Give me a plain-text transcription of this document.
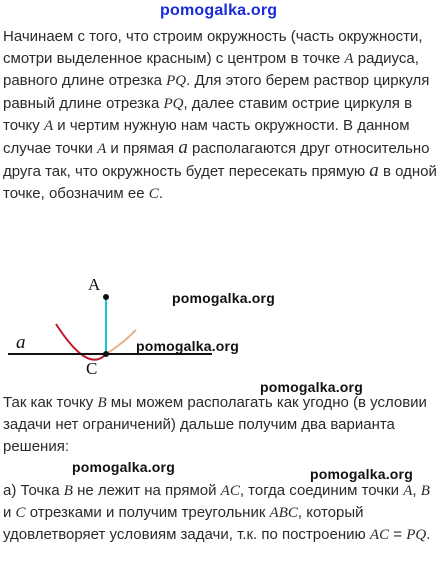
pomogalka.org
Начинаем с того, что строим окружность (часть окружности, смотри выделенное красным) с центром в точке A радиуса, равного длине отрезка PQ. Для этого берем раствор циркуля равный длине отрезка PQ, далее ставим острие циркуля в точку A и чертим нужную нам часть окружности. В данном случае точки A и прямая a располагаются друг относительно друга так, что окружность будет пересекать прямую a в одной точке, обозначим ее C.
A
C
a
pomogalka.org
pomogalka.org
pomogalka.org
Так как точку B мы можем располагать как угодно (в условии задачи нет ограничений) дальше получим два варианта решения:
pomogalka.org	pomogalka.org
а) Точка B не лежит на прямой AC, тогда соединим точки A, B и C отрезками и получим треугольник ABC, который удовлетворяет условиям задачи, т.к. по построению AC = PQ.
